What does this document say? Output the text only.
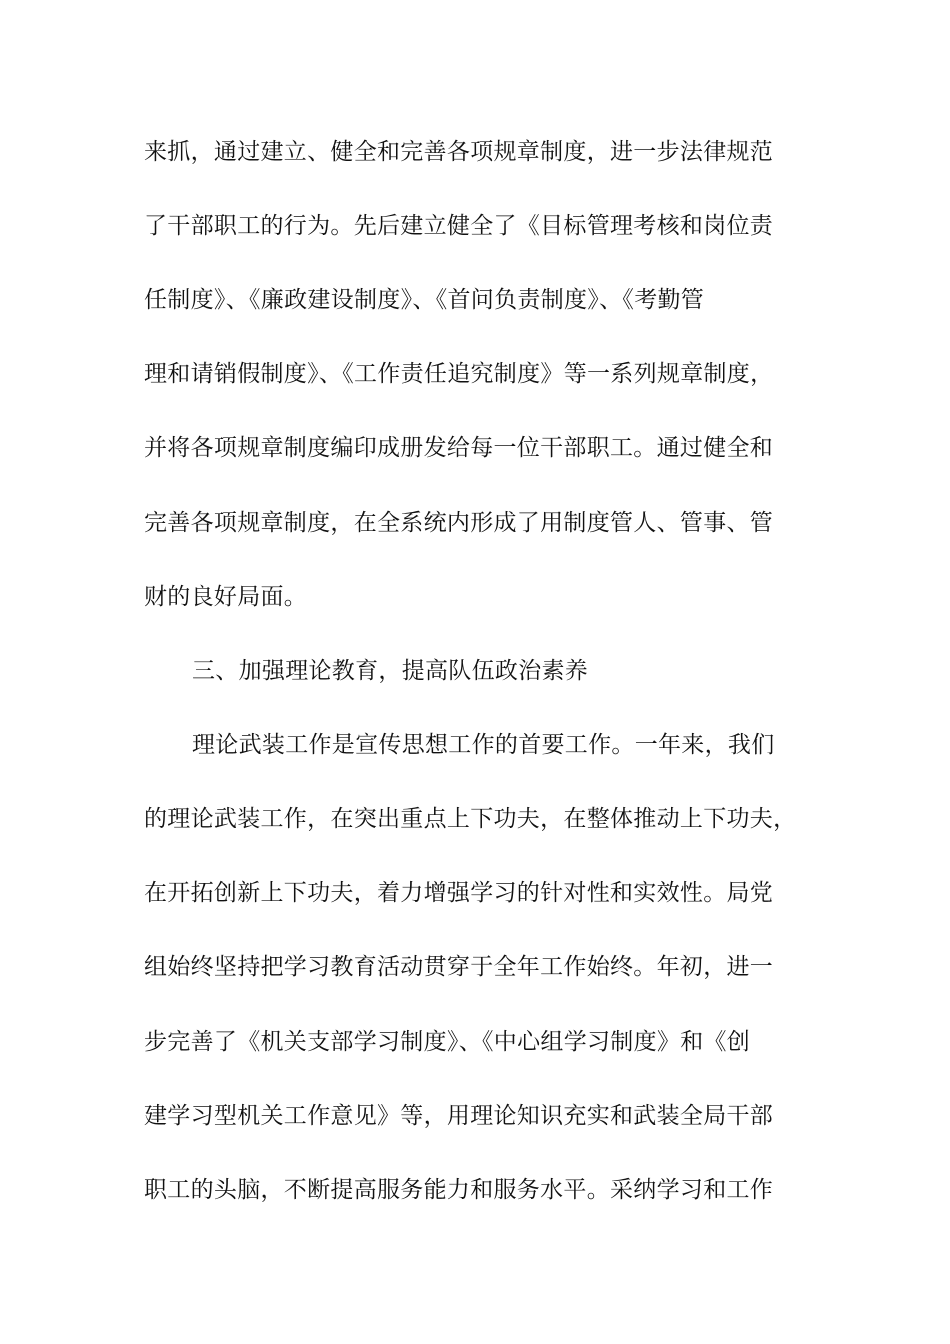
来抓，通过建立、健全和完善各项规章制度，进一步法律规范
了干部职工的行为。先后建立健全了《目标管理考核和岗位责
任制度》、《廉政建设制度》、《首问负责制度》、《考勤管
理和请销假制度》、《工作责任追究制度》等一系列规章制度，
并将各项规章制度编印成册发给每一位干部职工。通过健全和
完善各项规章制度，在全系统内形成了用制度管人、管事、管
财的良好局面。
三、加强理论教育，提高队伍政治素养
理论武装工作是宣传思想工作的首要工作。一年来，我们
的理论武装工作，在突出重点上下功夫，在整体推动上下功夫，
在开拓创新上下功夫，着力增强学习的针对性和实效性。局党
组始终坚持把学习教育活动贯穿于全年工作始终。年初，进一
步完善了《机关支部学习制度》、《中心组学习制度》和《创
建学习型机关工作意见》等，用理论知识充实和武装全局干部
职工的头脑，不断提高服务能力和服务水平。采纳学习和工作
